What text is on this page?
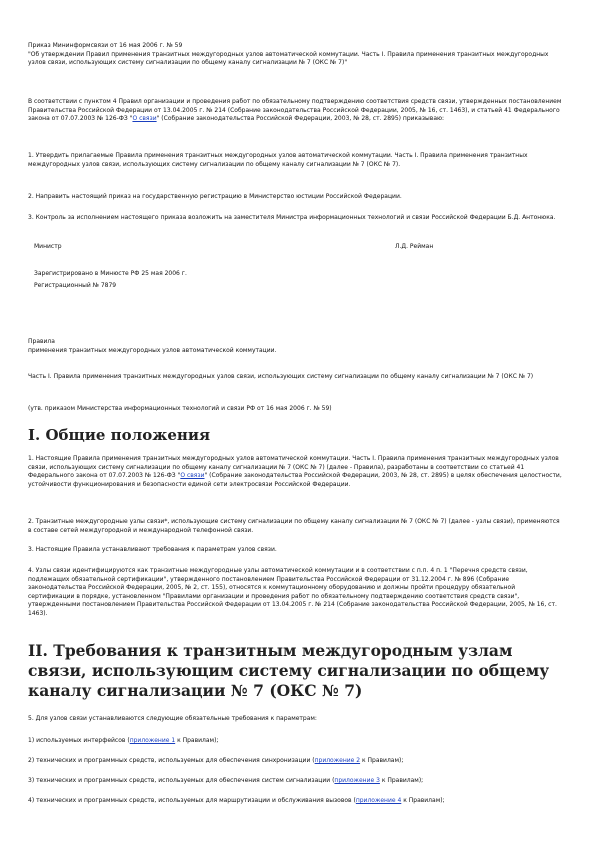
Приказ Мининформсвязи от 16 мая 2006 г. № 59
"Об утверждении Правил применения транзитных междугородных узлов автоматической коммутации. Часть I. Правила применения транзитных междугородных узлов связи, использующих систему сигнализации по общему каналу сигнализации № 7 (ОКС № 7)"

В соответствии с пунктом 4 Правил организации и проведения работ по обязательному подтверждению соответствия средств связи, утвержденных постановлением Правительства Российской Федерации от 13.04.2005 г. № 214 (Собрание законодательства Российской Федерации, 2005, № 16, ст. 1463), и статьей 41 Федерального закона от 07.07.2003 № 126-ФЗ "О связи" (Собрание законодательства Российской Федерации, 2003, № 28, ст. 2895) приказываю:

1. Утвердить прилагаемые Правила применения транзитных междугородных узлов автоматической коммутации. Часть I. Правила применения транзитных междугородных узлов связи, использующих систему сигнализации по общему каналу сигнализации № 7 (ОКС № 7).

2. Направить настоящий приказ на государственную регистрацию в Министерство юстиции Российской Федерации.

3. Контроль за исполнением настоящего приказа возложить на заместителя Министра информационных технологий и связи Российской Федерации Б.Д. Антонюка.

Министр	Л.Д. Рейман
Зарегистрировано в Минюсте РФ 25 мая 2006 г.
Регистрационный № 7879

Правила
применения транзитных междугородных узлов автоматической коммутации.

Часть I. Правила применения транзитных междугородных узлов связи, использующих систему сигнализации по общему каналу сигнализации № 7 (ОКС № 7)

(утв. приказом Министерства информационных технологий и связи РФ от 16 мая 2006 г. № 59)

I. Общие положения

1. Настоящие Правила применения транзитных междугородных узлов автоматической коммутации. Часть I. Правила применения транзитных междугородных узлов связи, использующих систему сигнализации по общему каналу сигнализации № 7 (ОКС № 7) (далее - Правила), разработаны в соответствии со статьей 41 Федерального закона от 07.07.2003 № 126-ФЗ "О связи" (Собрание законодательства Российской Федерации, 2003, № 28, ст. 2895) в целях обеспечения целостности, устойчивости функционирования и безопасности единой сети электросвязи Российской Федерации.

2. Транзитные междугородные узлы связи*, использующие систему сигнализации по общему каналу сигнализации № 7 (ОКС № 7) (далее - узлы связи), применяются в составе сетей междугородной и международной телефонной связи.

3. Настоящие Правила устанавливают требования к параметрам узлов связи.

4. Узлы связи идентифицируются как транзитные междугородные узлы автоматической коммутации и в соответствии с п.п. 4 п. 1 "Перечня средств связи, подлежащих обязательной сертификации", утвержденного постановлением Правительства Российской Федерации от 31.12.2004 г. № 896 (Собрание законодательства Российской Федерации, 2005, № 2, ст. 155), относятся к коммутационному оборудованию и должны пройти процедуру обязательной сертификации в порядке, установленном "Правилами организации и проведения работ по обязательному подтверждению соответствия средств связи", утвержденными постановлением Правительства Российской Федерации от 13.04.2005 г. № 214 (Собрание законодательства Российской Федерации, 2005, № 16, ст. 1463).

II. Требования к транзитным междугородным узлам связи, использующим систему сигнализации по общему каналу сигнализации № 7 (ОКС № 7)

5. Для узлов связи устанавливаются следующие обязательные требования к параметрам:

1) используемых интерфейсов (приложение 1 к Правилам);

2) технических и программных средств, используемых для обеспечения синхронизации (приложение 2 к Правилам);

3) технических и программных средств, используемых для обеспечения систем сигнализации (приложение 3 к Правилам);

4) технических и программных средств, используемых для маршрутизации и обслуживания вызовов (приложение 4 к Правилам);
